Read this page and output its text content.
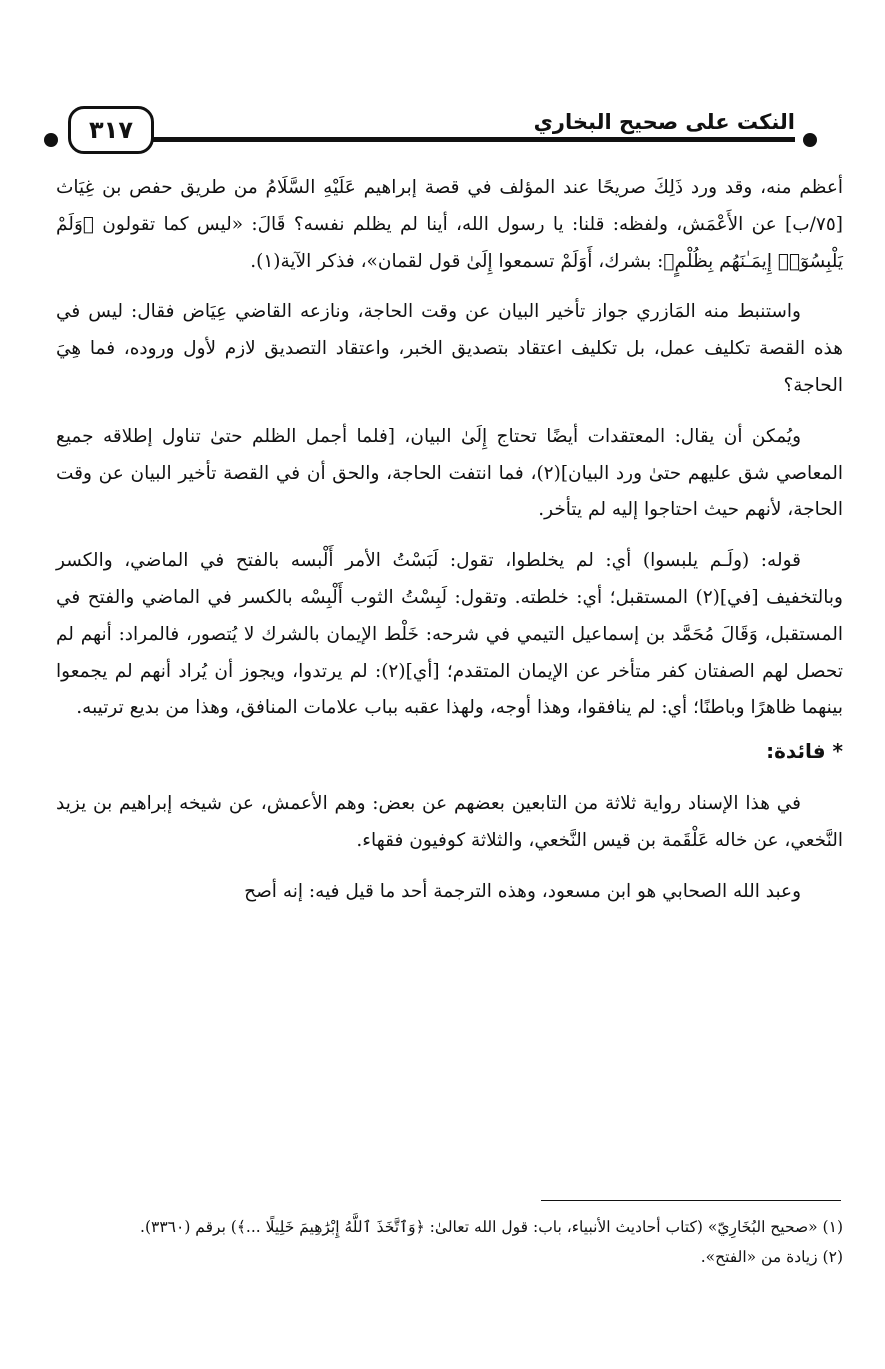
النكت على صحيح البخاري
٣١٧

أعظم منه، وقد ورد ذَلِكَ صريحًا عند المؤلف في قصة إبراهيم عَلَيْهِ السَّلَامُ من طريق حفص بن غِيَاث [٧٥/ب] عن الأَعْمَش، ولفظه: قلنا: يا رسول الله، أينا لم يظلم نفسه؟ قَالَ: «ليس كما تقولون ﴿وَلَمْ يَلْبِسُوٓا۟ إِيمَـٰنَهُم بِظُلْمٍ﴾: بشرك، أَوَلَمْ تسمعوا إِلَىٰ قول لقمان»، فذكر الآية(١).

واستنبط منه المَازري جواز تأخير البيان عن وقت الحاجة، ونازعه القاضي عِيَاض فقال: ليس في هذه القصة تكليف عمل، بل تكليف اعتقاد بتصديق الخبر، واعتقاد التصديق لازم لأول وروده، فما هِيَ الحاجة؟

ويُمكن أن يقال: المعتقدات أيضًا تحتاج إِلَىٰ البيان، [فلما أجمل الظلم حتىٰ تناول إطلاقه جميع المعاصي شق عليهم حتىٰ ورد البيان](٢)، فما انتفت الحاجة، والحق أن في القصة تأخير البيان عن وقت الحاجة، لأنهم حيث احتاجوا إليه لم يتأخر.

قوله: (ولَـم يلبسوا) أي: لم يخلطوا، تقول: لَبَسْتُ الأمر أَلْبسه بالفتح في الماضي، والكسر وبالتخفيف [في](٢) المستقبل؛ أي: خلطته. وتقول: لَبِسْتُ الثوب أَلْبِسْه بالكسر في الماضي والفتح في المستقبل، وَقَالَ مُحَمَّد بن إسماعيل التيمي في شرحه: خَلْط الإيمان بالشرك لا يُتصور، فالمراد: أنهم لم تحصل لهم الصفتان كفر متأخر عن الإيمان المتقدم؛ [أي](٢): لم يرتدوا، ويجوز أن يُراد أنهم لم يجمعوا بينهما ظاهرًا وباطنًا؛ أي: لم ينافقوا، وهذا أوجه، ولهذا عقبه بباب علامات المنافق، وهذا من بديع ترتيبه.

* فائدة:

في هذا الإسناد رواية ثلاثة من التابعين بعضهم عن بعض: وهم الأعمش، عن شيخه إبراهيم بن يزيد النَّخعي، عن خاله عَلْقَمة بن قيس النَّخعي، والثلاثة كوفيون فقهاء.

وعبد الله الصحابي هو ابن مسعود، وهذه الترجمة أحد ما قيل فيه: إنه أصح

(١) «صحيح البُخَارِيّ» (كتاب أحاديث الأنبياء، باب: قول الله تعالىٰ: ﴿وَٱتَّخَذَ ٱللَّهُ إِبْرَٰهِيمَ خَلِيلًا ...﴾) برقم (٣٣٦٠).

(٢) زيادة من «الفتح».
